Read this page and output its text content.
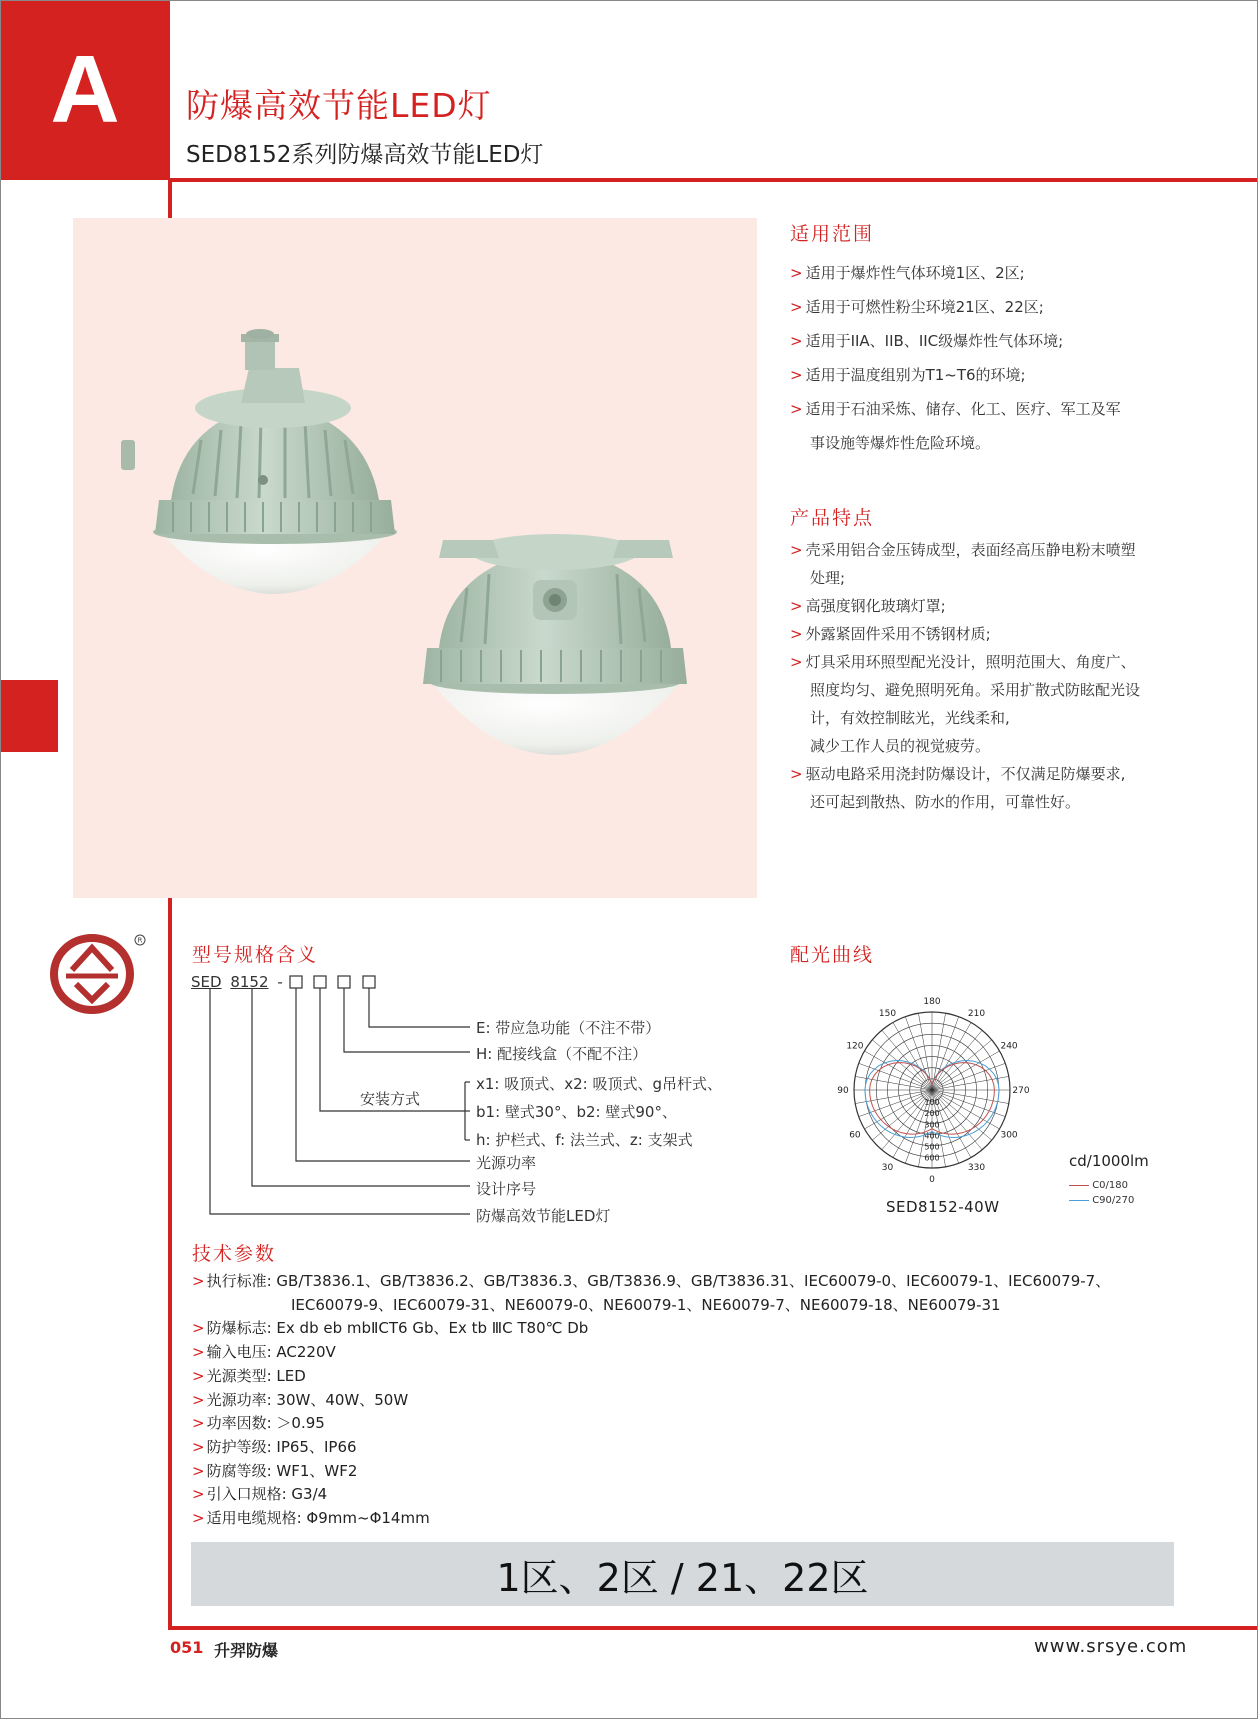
A	防爆高效节能LED灯
SED8152系列防爆高效节能LED灯
适用范围
> 适用于爆炸性气体环境1区、2区;
> 适用于可燃性粉尘环境21区、22区;
> 适用于IIA、IIB、IIC级爆炸性气体环境;
> 适用于温度组别为T1~T6的环境;
> 适用于石油采炼、储存、化工、医疗、军工及军
事设施等爆炸性危险环境。
产品特点
> 壳采用铝合金压铸成型，表面经高压静电粉末喷塑
处理;
> 高强度钢化玻璃灯罩;
> 外露紧固件采用不锈钢材质;
> 灯具采用环照型配光没计，照明范围大、角度广、
照度均匀、避免照明死角。采用扩散式防眩配光设
计，有效控制眩光，光线柔和,
减少工作人员的视觉疲劳。
> 驱动电路采用浇封防爆设计，不仅满足防爆要求,
还可起到散热、防水的作用，可靠性好。
R
型号规格含义
SED 8152 -
E: 带应急功能（不注不带）
H: 配接线盒（不配不注）
安装方式
x1: 吸顶式、x2: 吸顶式、g吊杆式、
b1: 壁式30°、b2: 壁式90°、
h: 护栏式、f: 法兰式、z: 支架式
光源功率
设计序号
防爆高效节能LED灯
配光曲线
180
150
120
90
60
30
0
330
300
270
240
210
100
200
300
400
500
600	cd/1000lm
C0/180
C90/270
SED8152-40W
技术参数
> 执行标准: GB/T3836.1、GB/T3836.2、GB/T3836.3、GB/T3836.9、GB/T3836.31、IEC60079-0、IEC60079-1、IEC60079-7、
IEC60079-9、IEC60079-31、NE60079-0、NE60079-1、NE60079-7、NE60079-18、NE60079-31
> 防爆标志: Ex db eb mbⅡCT6 Gb、Ex tb ⅢC T80℃ Db
>输入电压: AC220V
> 光源类型: LED
> 光源功率: 30W、40W、50W
> 功率因数: ＞0.95
> 防护等级: IP65、IP66
> 防腐等级: WF1、WF2
> 引入口规格: G3/4
> 适用电缆规格: Φ9mm~Φ14mm
1区、2区 / 21、22区
051 升羿防爆	www.srsye.com
